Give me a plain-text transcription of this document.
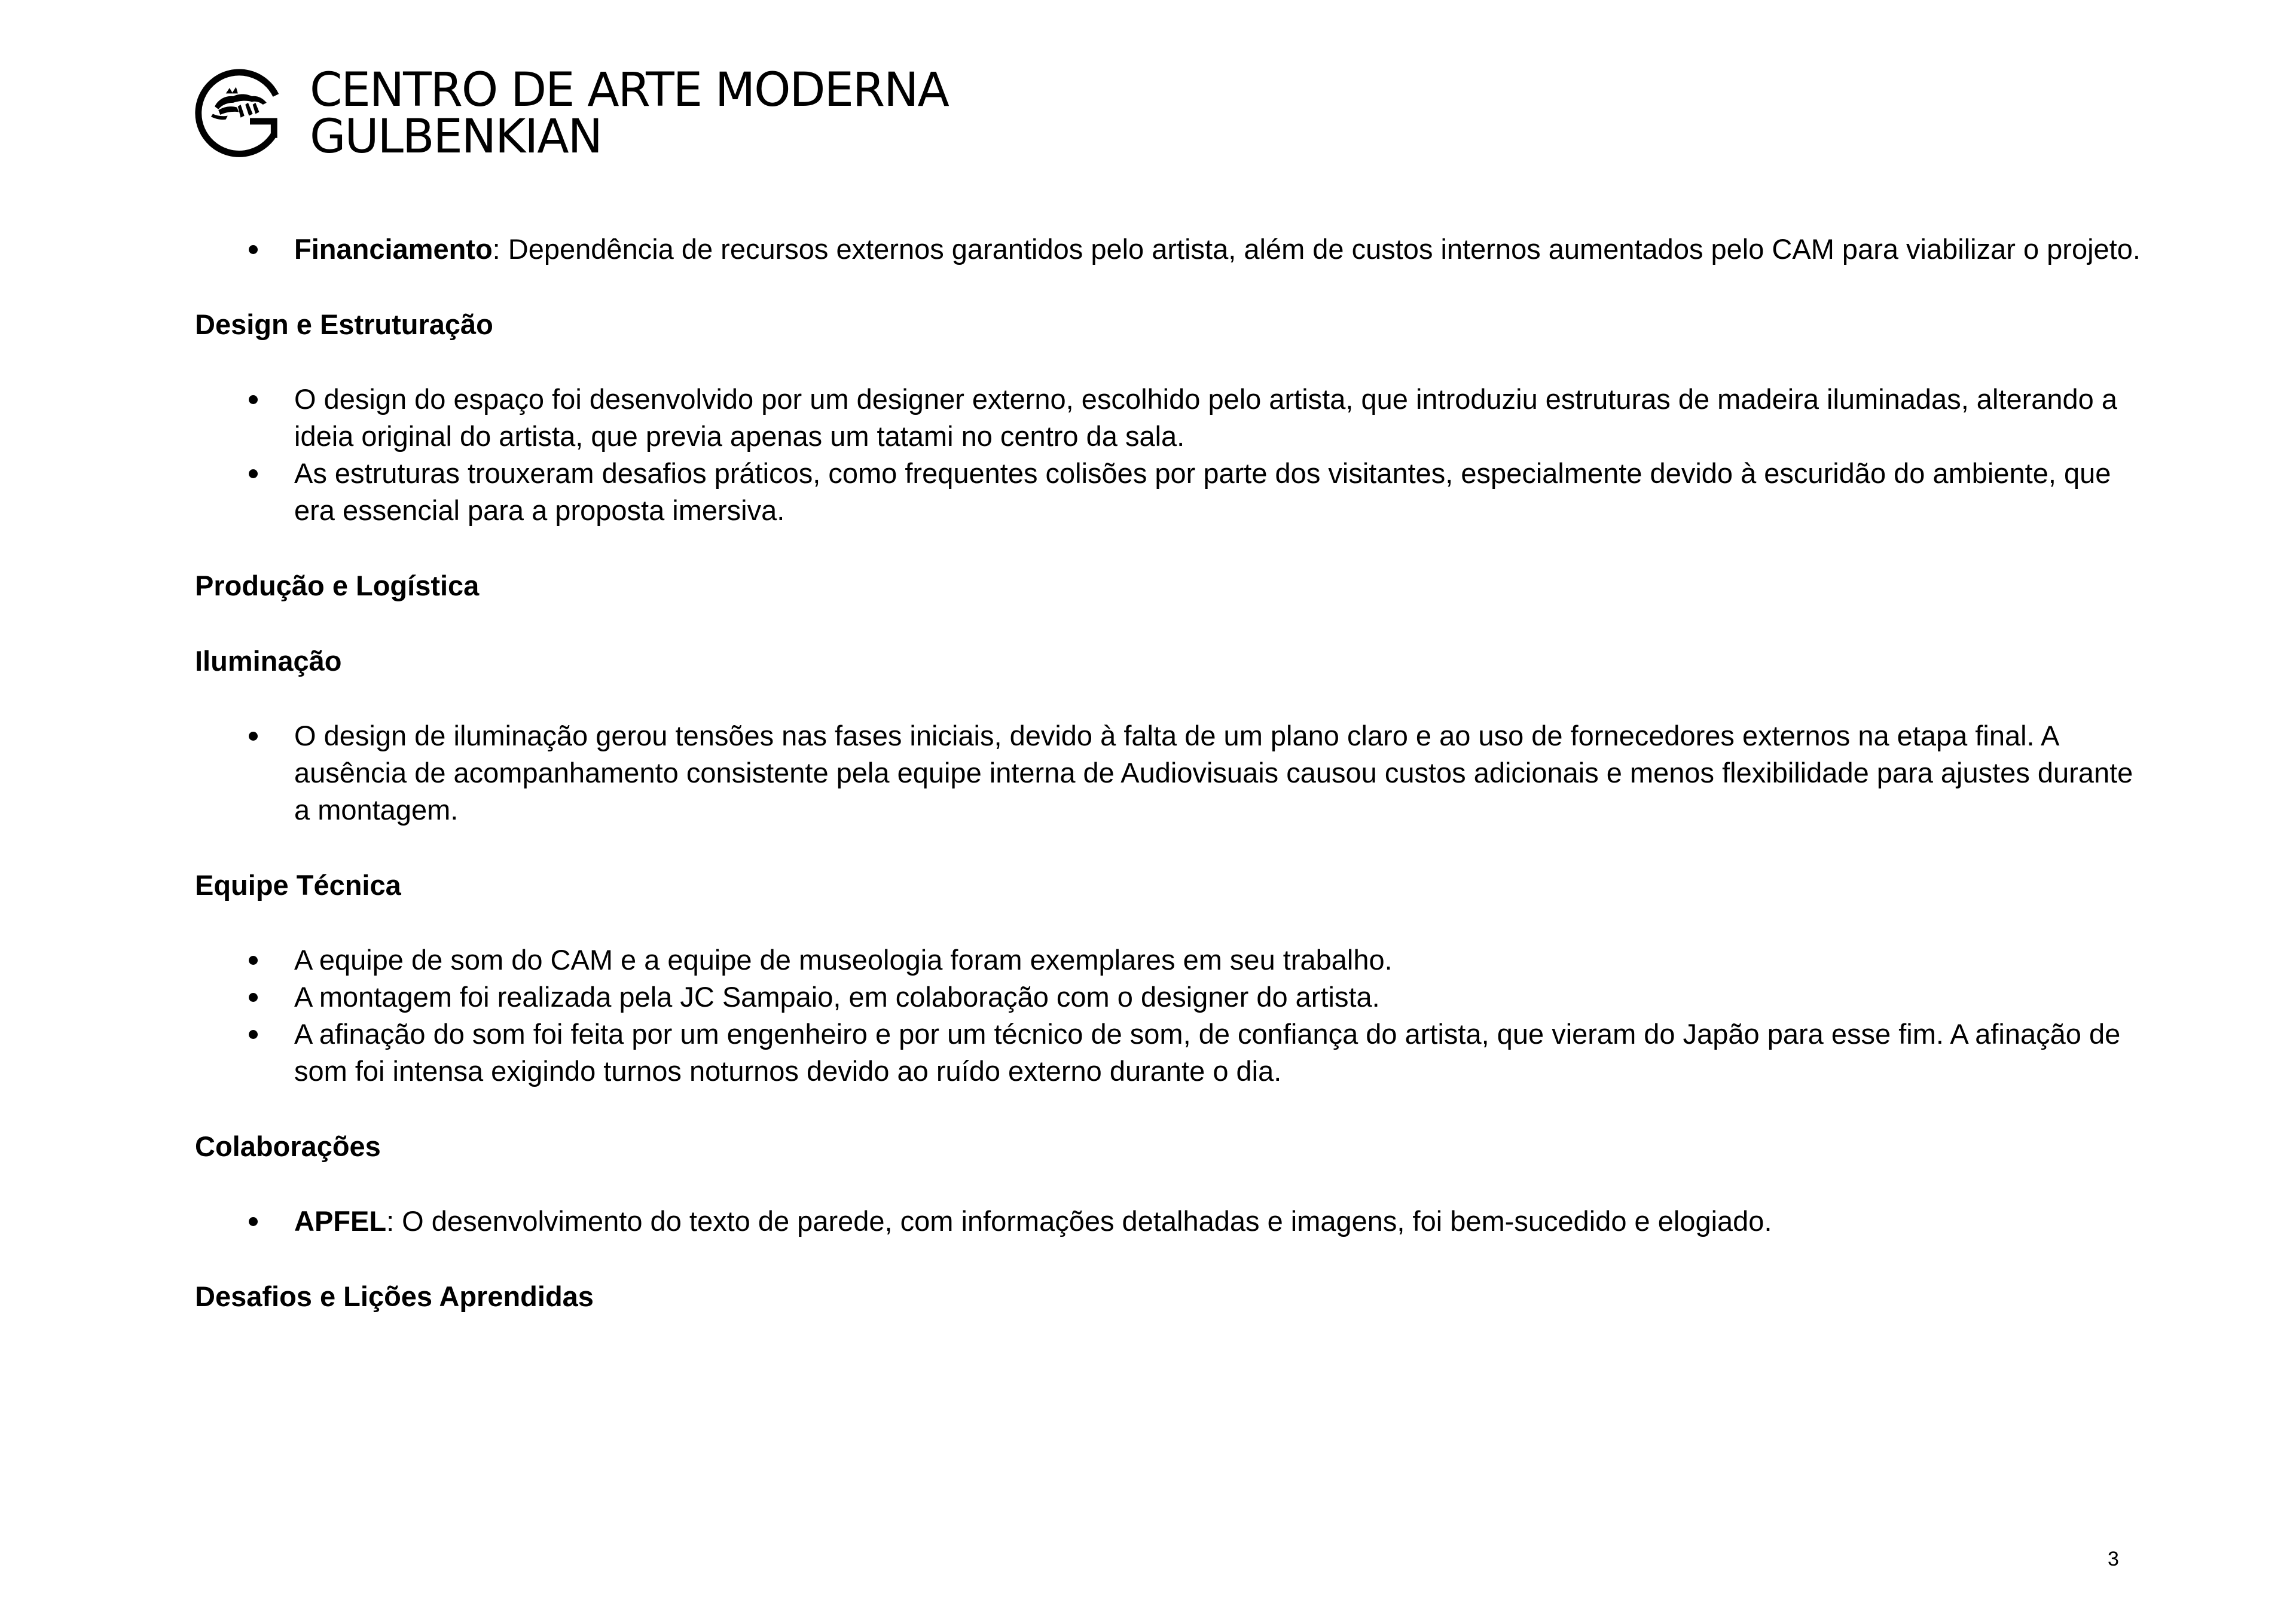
CENTRO DE ARTE MODERNA
GULBENKIAN
Financiamento: Dependência de recursos externos garantidos pelo artista, além de custos internos aumentados pelo CAM para viabilizar o projeto.

Design e Estruturação

O design do espaço foi desenvolvido por um designer externo, escolhido pelo artista, que introduziu estruturas de madeira iluminadas, alterando a ideia original do artista, que previa apenas um tatami no centro da sala.
As estruturas trouxeram desafios práticos, como frequentes colisões por parte dos visitantes, especialmente devido à escuridão do ambiente, que era essencial para a proposta imersiva.

Produção e Logística

Iluminação

O design de iluminação gerou tensões nas fases iniciais, devido à falta de um plano claro e ao uso de fornecedores externos na etapa final. A ausência de acompanhamento consistente pela equipe interna de Audiovisuais causou custos adicionais e menos flexibilidade para ajustes durante a montagem.

Equipe Técnica

A equipe de som do CAM e a equipe de museologia foram exemplares em seu trabalho.
A montagem foi realizada pela JC Sampaio, em colaboração com o designer do artista.
A afinação do som foi feita por um engenheiro e por um técnico de som, de confiança do artista, que vieram do Japão para esse fim. A afinação de som foi intensa exigindo turnos noturnos devido ao ruído externo durante o dia.

Colaborações

APFEL: O desenvolvimento do texto de parede, com informações detalhadas e imagens, foi bem-sucedido e elogiado.

Desafios e Lições Aprendidas

3
